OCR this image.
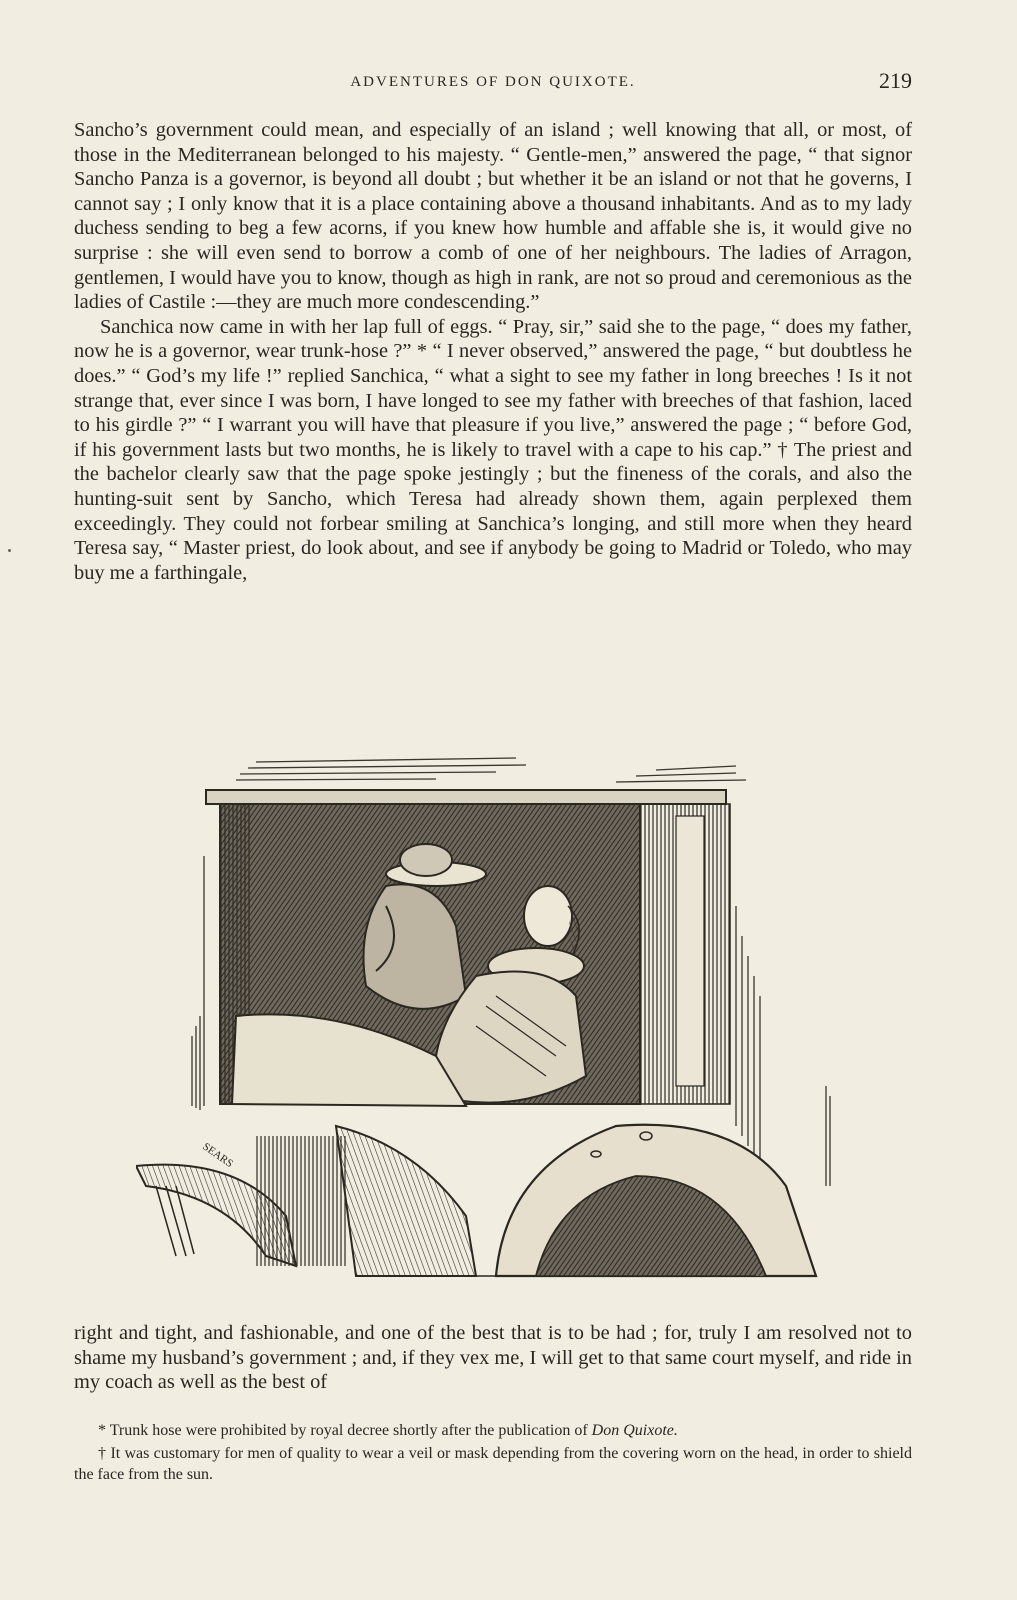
ADVENTURES OF DON QUIXOTE.	219

Sancho’s government could mean, and especially of an island ; well knowing that all, or most, of those in the Mediterranean belonged to his majesty. “ Gentle-men,” answered the page, “ that signor Sancho Panza is a governor, is beyond all doubt ; but whether it be an island or not that he governs, I cannot say ; I only know that it is a place containing above a thousand inhabitants. And as to my lady duchess sending to beg a few acorns, if you knew how humble and affable she is, it would give no surprise : she will even send to borrow a comb of one of her neighbours. The ladies of Arragon, gentlemen, I would have you to know, though as high in rank, are not so proud and ceremonious as the ladies of Castile :—they are much more condescending.”

Sanchica now came in with her lap full of eggs. “ Pray, sir,” said she to the page, “ does my father, now he is a governor, wear trunk-hose ?” * “ I never observed,” answered the page, “ but doubtless he does.” “ God’s my life !” replied Sanchica, “ what a sight to see my father in long breeches ! Is it not strange that, ever since I was born, I have longed to see my father with breeches of that fashion, laced to his girdle ?” “ I warrant you will have that pleasure if you live,” answered the page ; “ before God, if his government lasts but two months, he is likely to travel with a cape to his cap.” † The priest and the bachelor clearly saw that the page spoke jestingly ; but the fineness of the corals, and also the hunting-suit sent by Sancho, which Teresa had already shown them, again perplexed them exceedingly. They could not forbear smiling at Sanchica’s longing, and still more when they heard Teresa say, “ Master priest, do look about, and see if anybody be going to Madrid or Toledo, who may buy me a farthingale,

SEARS

right and tight, and fashionable, and one of the best that is to be had ; for, truly I am resolved not to shame my husband’s government ; and, if they vex me, I will get to that same court myself, and ride in my coach as well as the best of

* Trunk hose were prohibited by royal decree shortly after the publication of Don Quixote.

† It was customary for men of quality to wear a veil or mask depending from the covering worn on the head, in order to shield the face from the sun.
